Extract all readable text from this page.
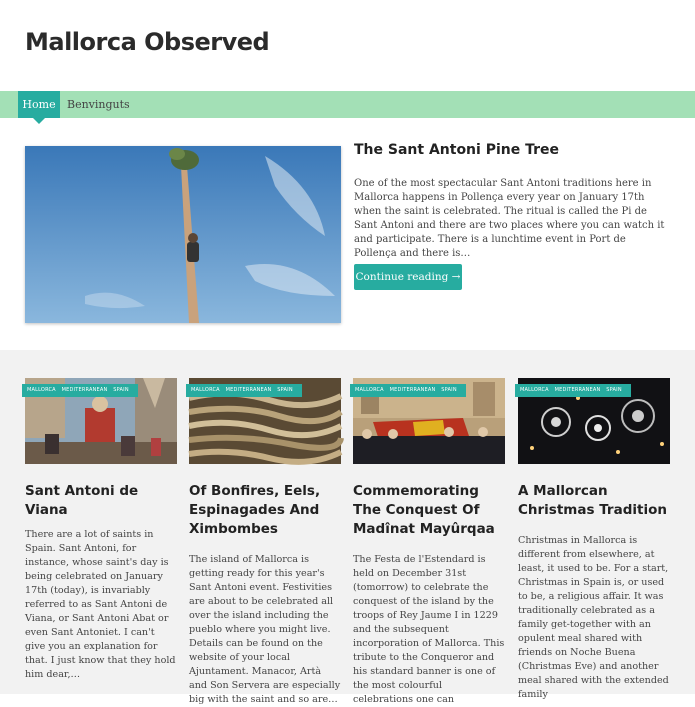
Mallorca Observed
Home	Benvinguts
The Sant Antoni Pine Tree
One of the most spectacular Sant Antoni traditions here in Mallorca happens in Pollença every year on January 17th when the saint is celebrated. The ritual is called the Pi de Sant Antoni and there are two places where you can watch it and participate. There is a lunchtime event in Port de Pollença and there is…
Continue reading →
MALLORCA MEDITERRANEAN SPAIN
Sant Antoni de Viana
There are a lot of saints in Spain. Sant Antoni, for instance, whose saint's day is being celebrated on January 17th (today), is invariably referred to as Sant Antoni de Viana, or Sant Antoni Abat or even Sant Antoniet. I can't give you an explanation for that. I just know that they hold him dear,…
MALLORCA MEDITERRANEAN SPAIN
Of Bonfires, Eels, Espinagades And Ximbombes
The island of Mallorca is getting ready for this year's Sant Antoni event. Festivities are about to be celebrated all over the island including the pueblo where you might live. Details can be found on the website of your local Ajuntament. Manacor, Artà and Son Servera are especially big with the saint and so are…
MALLORCA MEDITERRANEAN SPAIN
Commemorating The Conquest Of Madînat Mayûrqaa
The Festa de l'Estendard is held on December 31st (tomorrow) to celebrate the conquest of the island by the troops of Rey Jaume I in 1229 and the subsequent incorporation of Mallorca. This tribute to the Conqueror and his standard banner is one of the most colourful celebrations one can
MALLORCA MEDITERRANEAN SPAIN
A Mallorcan Christmas Tradition
Christmas in Mallorca is different from elsewhere, at least, it used to be. For a start, Christmas in Spain is, or used to be, a religious affair. It was traditionally celebrated as a family get-together with an opulent meal shared with friends on Noche Buena (Christmas Eve) and another meal shared with the extended family
